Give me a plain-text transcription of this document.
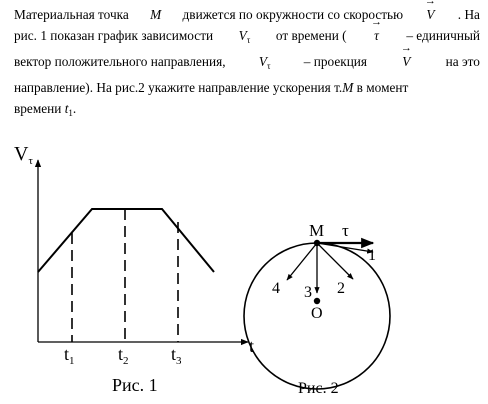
Материальная точка M движется по окружности со скоростью → V . На
рис. 1 показан график зависимости $V_\tau$ от времени ( → τ – единичный
вектор положительного направления, $V_\tau$ – проекция	→ V	на это
направление). На рис.2 укажите направление ускорения т.M в момент
времени $t_1$.
$V_\tau$
t
$t_1$ $t_2$ $t_3$
Рис. 1
M τ
1
2
3
4
O
Рис. 2
